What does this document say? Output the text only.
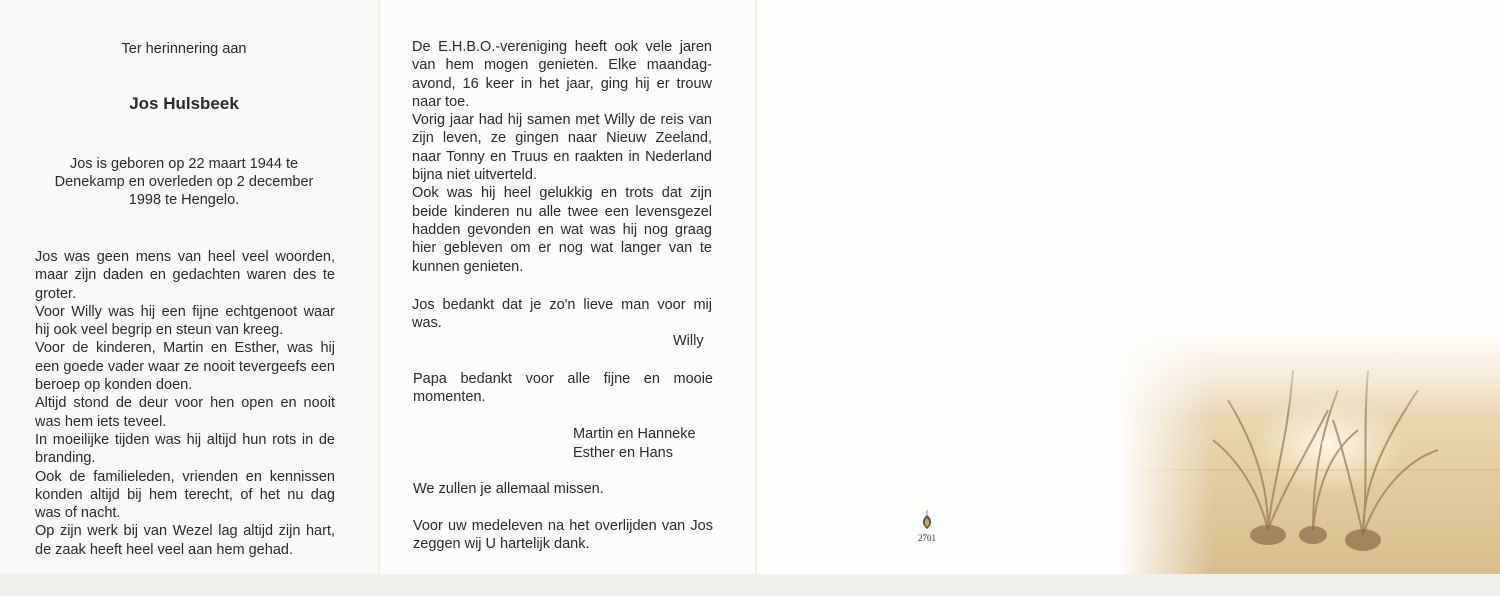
Ter herinnering aan
Jos Hulsbeek
Jos is geboren op 22 maart 1944 te
Denekamp en overleden op 2 december
1998 te Hengelo.

Jos was geen mens van heel veel woorden, maar zijn daden en gedachten waren des te groter.

Voor Willy was hij een fijne echtgenoot waar hij ook veel begrip en steun van kreeg.

Voor de kinderen, Martin en Esther, was hij een goede vader waar ze nooit tevergeefs een beroep op konden doen.

Altijd stond de deur voor hen open en nooit was hem iets teveel.

In moeilijke tijden was hij altijd hun rots in de branding.

Ook de familieleden, vrienden en kennissen konden altijd bij hem terecht, of het nu dag was of nacht.

Op zijn werk bij van Wezel lag altijd zijn hart, de zaak heeft heel veel aan hem gehad.

De E.H.B.O.-vereniging heeft ook vele jaren van hem mogen genieten. Elke maandag-avond, 16 keer in het jaar, ging hij er trouw naar toe.

Vorig jaar had hij samen met Willy de reis van zijn leven, ze gingen naar Nieuw Zeeland, naar Tonny en Truus en raakten in Nederland bijna niet uitverteld.

Ook was hij heel gelukkig en trots dat zijn beide kinderen nu alle twee een levensgezel hadden gevonden en wat was hij nog graag hier gebleven om er nog wat langer van te kunnen genieten.

Jos bedankt dat je zo'n lieve man voor mij was.

Willy

Papa bedankt voor alle fijne en mooie momenten.

Martin en Hanneke
Esther en Hans
We zullen je allemaal missen.

Voor uw medeleven na het overlijden van Jos zeggen wij U hartelijk dank.	2701
